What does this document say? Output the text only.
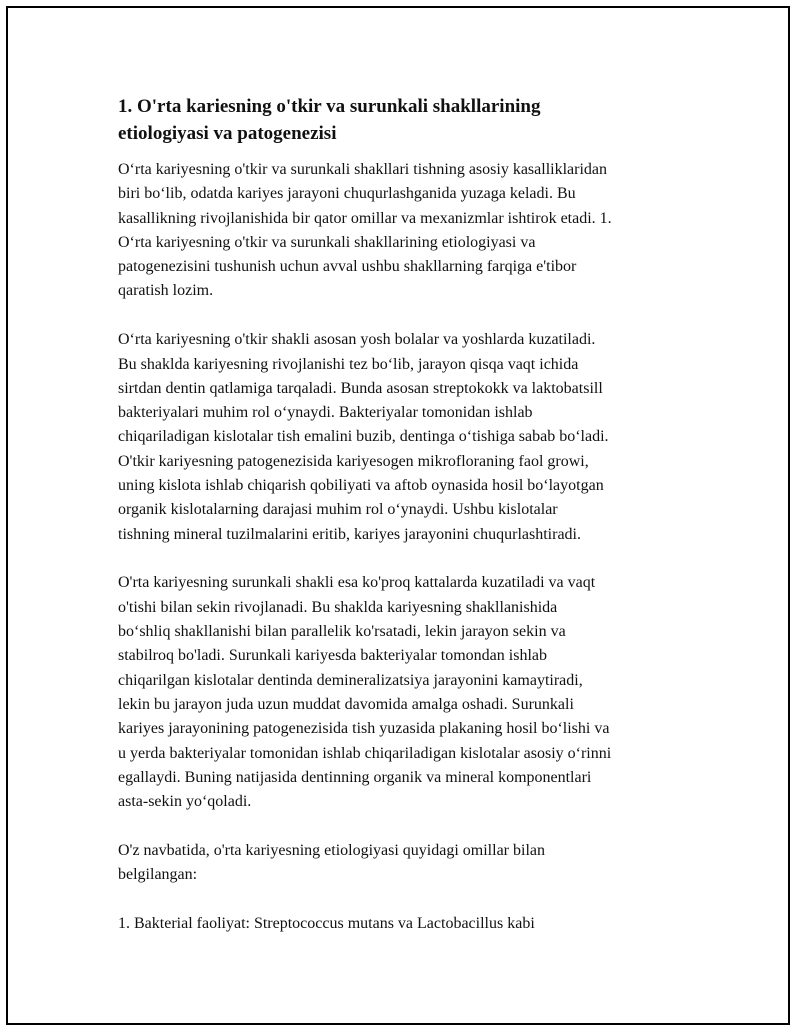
1. O'rta kariesning o'tkir va surunkali shakllarining
etiologiyasi va patogenezisi

O‘rta kariyesning o'tkir va surunkali shakllari tishning asosiy kasalliklaridan
biri bo‘lib, odatda kariyes jarayoni chuqurlashganida yuzaga keladi. Bu
kasallikning rivojlanishida bir qator omillar va mexanizmlar ishtirok etadi. 1.
O‘rta kariyesning o'tkir va surunkali shakllarining etiologiyasi va
patogenezisini tushunish uchun avval ushbu shakllarning farqiga e'tibor
qaratish lozim.

O‘rta kariyesning o'tkir shakli asosan yosh bolalar va yoshlarda kuzatiladi.
Bu shaklda kariyesning rivojlanishi tez bo‘lib, jarayon qisqa vaqt ichida
sirtdan dentin qatlamiga tarqaladi. Bunda asosan streptokokk va laktobatsill
bakteriyalari muhim rol o‘ynaydi. Bakteriyalar tomonidan ishlab
chiqariladigan kislotalar tish emalini buzib, dentinga o‘tishiga sabab bo‘ladi.
O'tkir kariyesning patogenezisida kariyesogen mikrofloraning faol growi,
uning kislota ishlab chiqarish qobiliyati va aftob oynasida hosil bo‘layotgan
organik kislotalarning darajasi muhim rol o‘ynaydi. Ushbu kislotalar
tishning mineral tuzilmalarini eritib, kariyes jarayonini chuqurlashtiradi.

O'rta kariyesning surunkali shakli esa ko'proq kattalarda kuzatiladi va vaqt
o'tishi bilan sekin rivojlanadi. Bu shaklda kariyesning shakllanishida
bo‘shliq shakllanishi bilan parallelik ko'rsatadi, lekin jarayon sekin va
stabilroq bo'ladi. Surunkali kariyesda bakteriyalar tomondan ishlab
chiqarilgan kislotalar dentinda demineralizatsiya jarayonini kamaytiradi,
lekin bu jarayon juda uzun muddat davomida amalga oshadi. Surunkali
kariyes jarayonining patogenezisida tish yuzasida plakaning hosil bo‘lishi va
u yerda bakteriyalar tomonidan ishlab chiqariladigan kislotalar asosiy o‘rinni
egallaydi. Buning natijasida dentinning organik va mineral komponentlari
asta-sekin yo‘qoladi.

O'z navbatida, o'rta kariyesning etiologiyasi quyidagi omillar bilan
belgilangan:

1. Bakterial faoliyat: Streptococcus mutans va Lactobacillus kabi
